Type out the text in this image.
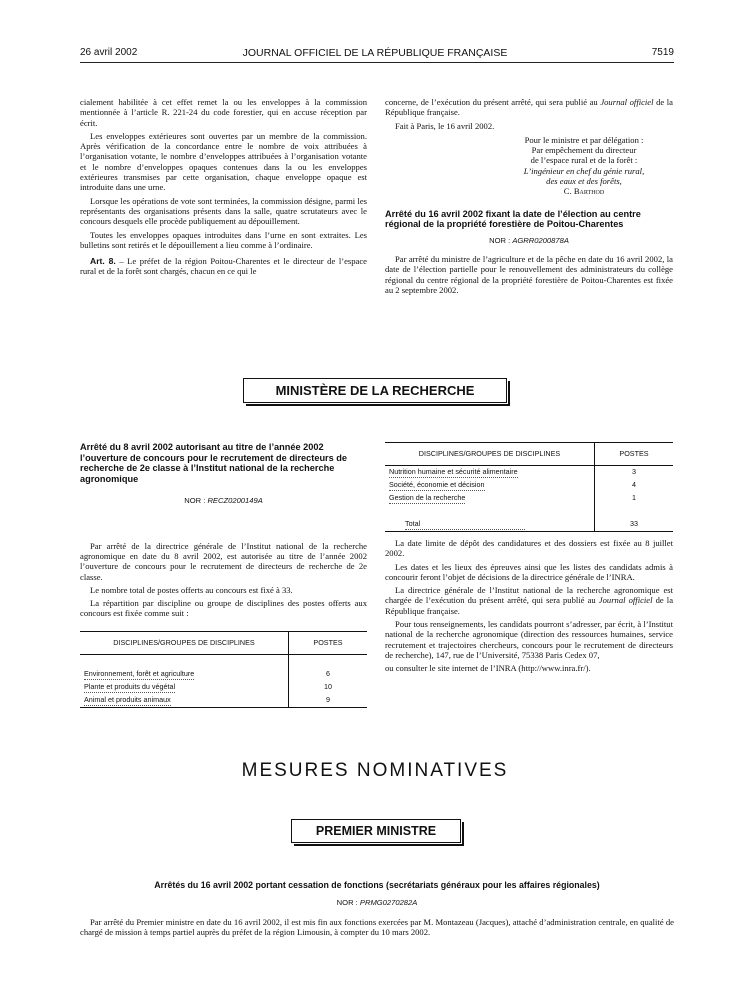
26 avril 2002	JOURNAL OFFICIEL DE LA RÉPUBLIQUE FRANÇAISE	7519

cialement habilitée à cet effet remet la ou les enveloppes à la commission mentionnée à l’article R. 221-24 du code forestier, qui en accuse réception par écrit.

Les enveloppes extérieures sont ouvertes par un membre de la commission. Après vérification de la concordance entre le nombre de voix attribuées à l’organisation votante, le nombre d’enveloppes attribuées à l’organisation votante et le nombre d’enveloppes opaques contenues dans la ou les enveloppes extérieures transmises par cette organisation, chaque enveloppe opaque est introduite dans une urne.

Lorsque les opérations de vote sont terminées, la commission désigne, parmi les représentants des organisations présents dans la salle, quatre scrutateurs avec le concours desquels elle procède publiquement au dépouillement.

Toutes les enveloppes opaques introduites dans l’urne en sont extraites. Les bulletins sont retirés et le dépouillement a lieu comme à l’ordinaire.

Art. 8. – Le préfet de la région Poitou-Charentes et le directeur de l’espace rural et de la forêt sont chargés, chacun en ce qui le

concerne, de l’exécution du présent arrêté, qui sera publié au Journal officiel de la République française.

Fait à Paris, le 16 avril 2002.

Pour le ministre et par délégation :
Par empêchement du directeur
de l’espace rural et de la forêt :
L’ingénieur en chef du génie rural,
des eaux et des forêts,
C. Barthod
Arrêté du 16 avril 2002 fixant la date de l’élection au centre régional de la propriété forestière de Poitou-Charentes
NOR : AGRR0200878A

Par arrêté du ministre de l’agriculture et de la pêche en date du 16 avril 2002, la date de l’élection partielle pour le renouvellement des administrateurs du collège régional du centre régional de la propriété forestière de Poitou-Charentes est fixée au 2 septembre 2002.

MINISTÈRE DE LA RECHERCHE
Arrêté du 8 avril 2002 autorisant au titre de l’année 2002 l’ouverture de concours pour le recrutement de directeurs de recherche de 2e classe à l’Institut national de la recherche agronomique
NOR : RECZ0200149A

Par arrêté de la directrice générale de l’Institut national de la recherche agronomique en date du 8 avril 2002, est autorisée au titre de l’année 2002 l’ouverture de concours pour le recrutement de directeurs de recherche de 2e classe.

Le nombre total de postes offerts au concours est fixé à 33.

La répartition par discipline ou groupe de disciplines des postes offerts aux concours est fixée comme suit :

DISCIPLINES/GROUPES DE DISCIPLINES	POSTES

Environnement, forêt et agriculture	6
Plante et produits du végétal	10
Animal et produits animaux	9
DISCIPLINES/GROUPES DE DISCIPLINES	POSTES
Nutrition humaine et sécurité alimentaire	3
Société, économie et décision	4
Gestion de la recherche	1

Total	33

La date limite de dépôt des candidatures et des dossiers est fixée au 8 juillet 2002.

Les dates et les lieux des épreuves ainsi que les listes des candidats admis à concourir feront l’objet de décisions de la directrice générale de l’INRA.

La directrice générale de l’Institut national de la recherche agronomique est chargée de l’exécution du présent arrêté, qui sera publié au Journal officiel de la République française.

Pour tous renseignements, les candidats pourront s’adresser, par écrit, à l’Institut national de la recherche agronomique (direction des ressources humaines, service recrutement et trajectoires chercheurs, concours pour le recrutement de directeurs de recherche), 147, rue de l’Université, 75338 Paris Cedex 07,

ou consulter le site internet de l’INRA (http://www.inra.fr/).

MESURES NOMINATIVES
PREMIER MINISTRE
Arrêtés du 16 avril 2002 portant cessation de fonctions (secrétariats généraux pour les affaires régionales)
NOR : PRMG0270282A

Par arrêté du Premier ministre en date du 16 avril 2002, il est mis fin aux fonctions exercées par M. Montazeau (Jacques), attaché d’administration centrale, en qualité de chargé de mission à temps partiel auprès du préfet de la région Limousin, à compter du 10 mars 2002.
